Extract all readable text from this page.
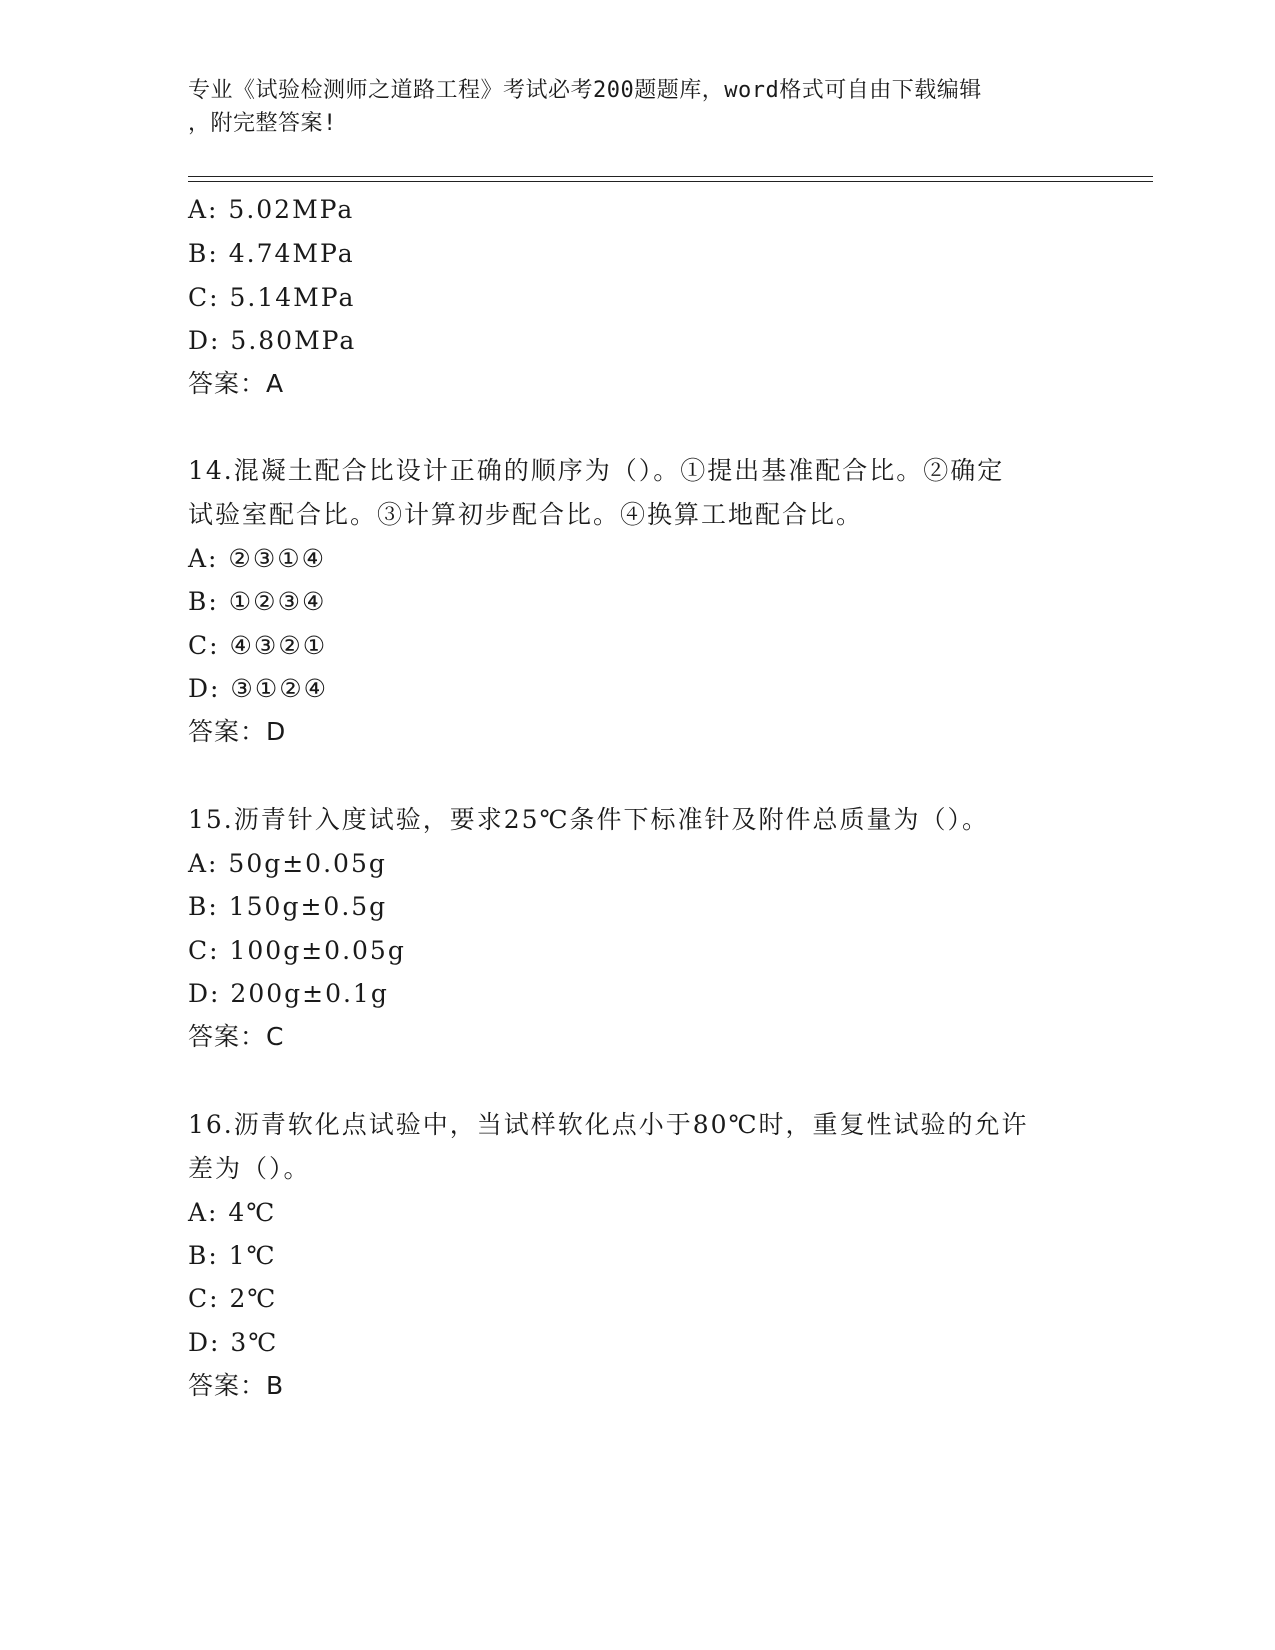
专业《试验检测师之道路工程》考试必考200题题库，word格式可自由下载编辑
，附完整答案!
A: 5.02MPa
B: 4.74MPa
C: 5.14MPa
D: 5.80MPa
答案：A
14.混凝土配合比设计正确的顺序为（）。①提出基准配合比。②确定
试验室配合比。③计算初步配合比。④换算工地配合比。
A: ②③①④
B: ①②③④
C: ④③②①
D: ③①②④
答案：D
15.沥青针入度试验，要求25℃条件下标准针及附件总质量为（）。
A: 50g±0.05g
B: 150g±0.5g
C: 100g±0.05g
D: 200g±0.1g
答案：C
16.沥青软化点试验中，当试样软化点小于80℃时，重复性试验的允许
差为（）。
A: 4℃
B: 1℃
C: 2℃
D: 3℃
答案：B
